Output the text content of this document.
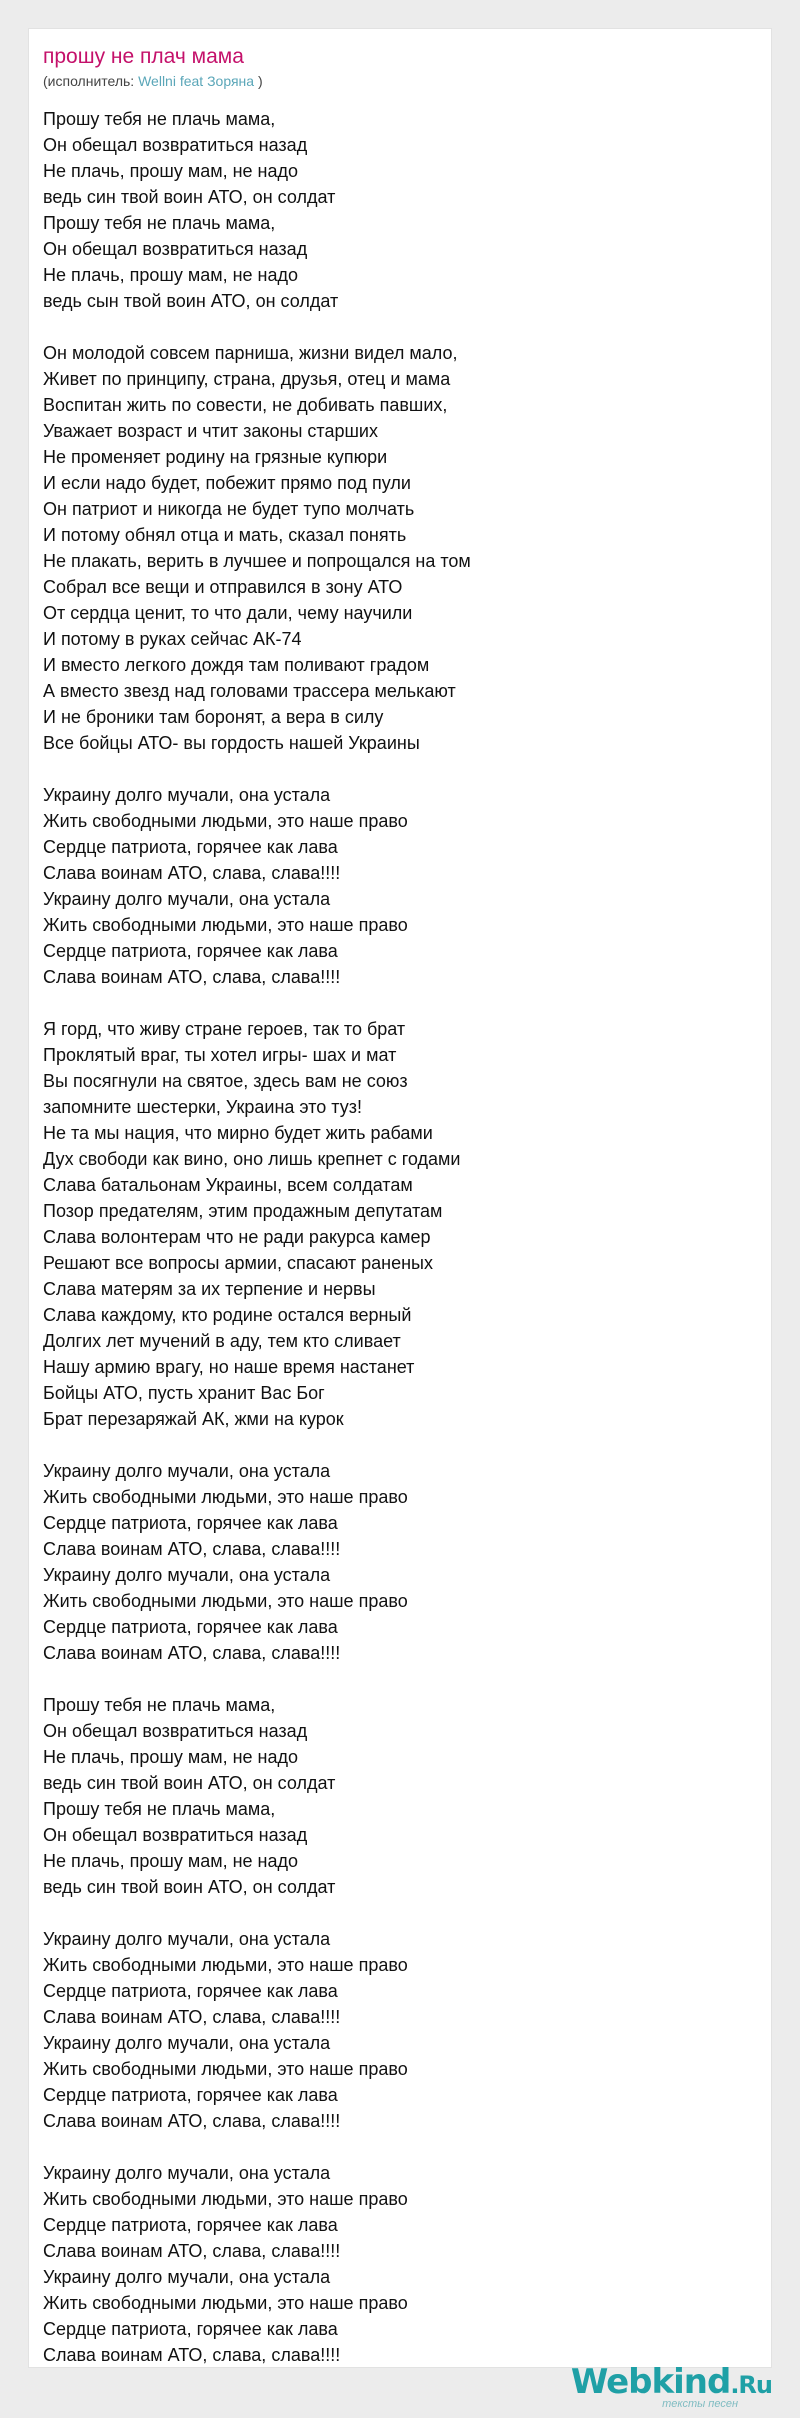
прошу не плач мама
(исполнитель: Wellni feat Зоряна )
Прошу тебя не плачь мама,
Он обещал возвратиться назад
Не плачь, прошу мам, не надо
ведь син твой воин АТО, он солдат
Прошу тебя не плачь мама,
Он обещал возвратиться назад
Не плачь, прошу мам, не надо
ведь сын твой воин АТО, он солдат
Он молодой совсем парниша, жизни видел мало,
Живет по принципу, страна, друзья, отец и мама
Воспитан жить по совести, не добивать павших,
Уважает возраст и чтит законы старших
Не променяет родину на грязные купюри
И если надо будет, побежит прямо под пули
Он патриот и никогда не будет тупо молчать
И потому обнял отца и мать, сказал понять
Не плакать, верить в лучшее и попрощался на том
Собрал все вещи и отправился в зону АТО
От сердца ценит, то что дали, чему научили
И потому в руках сейчас АК-74
И вместо легкого дождя там поливают градом
А вместо звезд над головами трассера мелькают
И не броники там боронят, а вера в силу
Все бойцы АТО- вы гордость нашей Украины
Украину долго мучали, она устала
Жить свободными людьми, это наше право
Сердце патриота, горячее как лава
Слава воинам АТО, слава, слава!!!!
Украину долго мучали, она устала
Жить свободными людьми, это наше право
Сердце патриота, горячее как лава
Слава воинам АТО, слава, слава!!!!
Я горд, что живу стране героев, так то брат
Проклятый враг, ты хотел игры- шах и мат
Вы посягнули на святое, здесь вам не союз
запомните шестерки, Украина это туз!
Не та мы нация, что мирно будет жить рабами
Дух свободи как вино, оно лишь крепнет с годами
Слава батальонам Украины, всем солдатам
Позор предателям, этим продажным депутатам
Слава волонтерам что не ради ракурса камер
Решают все вопросы армии, спасают раненых
Слава матерям за их терпение и нервы
Слава каждому, кто родине остался верный
Долгих лет мучений в аду, тем кто сливает
Нашу армию врагу, но наше время настанет
Бойцы АТО, пусть хранит Вас Бог
Брат перезаряжай АК, жми на курок
Украину долго мучали, она устала
Жить свободными людьми, это наше право
Сердце патриота, горячее как лава
Слава воинам АТО, слава, слава!!!!
Украину долго мучали, она устала
Жить свободными людьми, это наше право
Сердце патриота, горячее как лава
Слава воинам АТО, слава, слава!!!!
Прошу тебя не плачь мама,
Он обещал возвратиться назад
Не плачь, прошу мам, не надо
ведь син твой воин АТО, он солдат
Прошу тебя не плачь мама,
Он обещал возвратиться назад
Не плачь, прошу мам, не надо
ведь син твой воин АТО, он солдат
Украину долго мучали, она устала
Жить свободными людьми, это наше право
Сердце патриота, горячее как лава
Слава воинам АТО, слава, слава!!!!
Украину долго мучали, она устала
Жить свободными людьми, это наше право
Сердце патриота, горячее как лава
Слава воинам АТО, слава, слава!!!!
Украину долго мучали, она устала
Жить свободными людьми, это наше право
Сердце патриота, горячее как лава
Слава воинам АТО, слава, слава!!!!
Украину долго мучали, она устала
Жить свободными людьми, это наше право
Сердце патриота, горячее как лава
Слава воинам АТО, слава, слава!!!!
Webkind.Ru
тексты песен
